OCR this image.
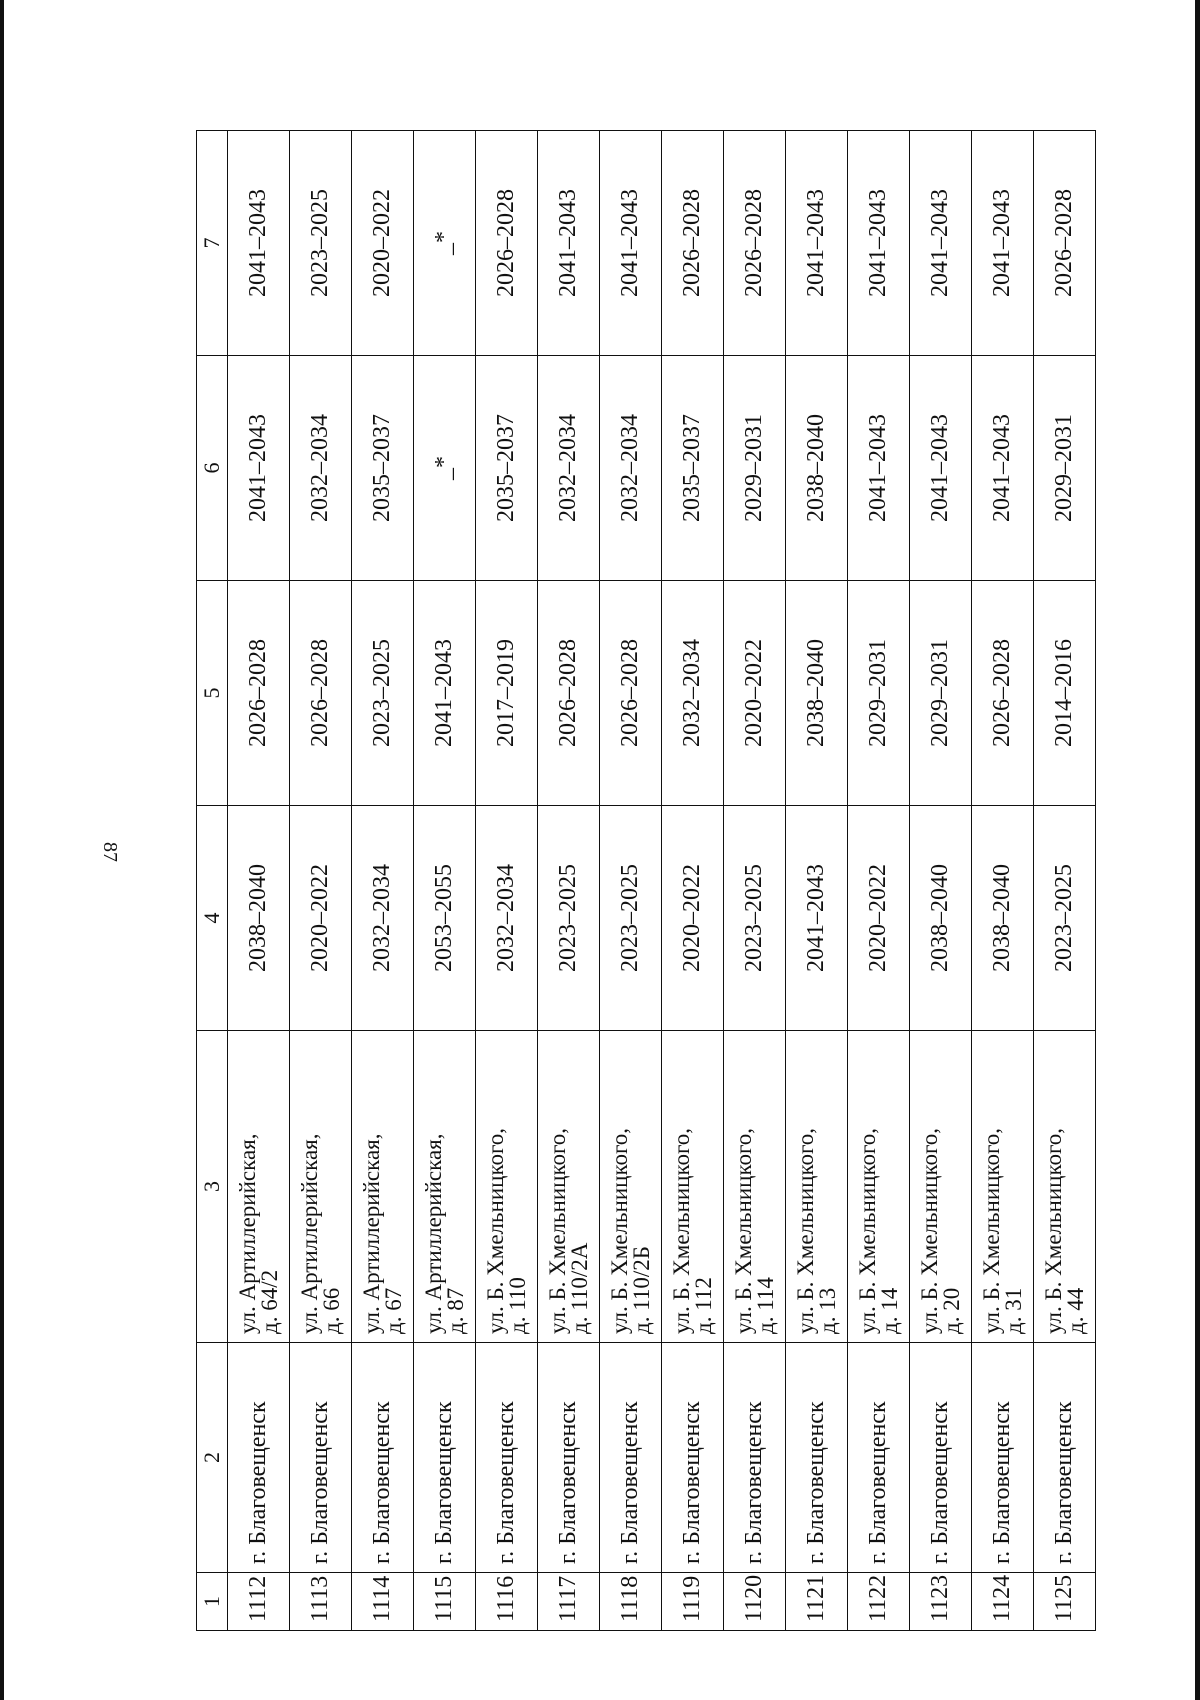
87
1	2	3	4	5	6	7
1112	г. Благовещенск	ул. Артиллерийская,
д. 64/2	2038–2040	2026–2028	2041–2043	2041–2043
1113	г. Благовещенск	ул. Артиллерийская,
д. 66	2020–2022	2026–2028	2032–2034	2023–2025
1114	г. Благовещенск	ул. Артиллерийская,
д. 67	2032–2034	2023–2025	2035–2037	2020–2022
1115	г. Благовещенск	ул. Артиллерийская,
д. 87	2053–2055	2041–2043	_*	_*
1116	г. Благовещенск	ул. Б. Хмельницкого,
д. 110	2032–2034	2017–2019	2035–2037	2026–2028
1117	г. Благовещенск	ул. Б. Хмельницкого,
д. 110/2А	2023–2025	2026–2028	2032–2034	2041–2043
1118	г. Благовещенск	ул. Б. Хмельницкого,
д. 110/2Б	2023–2025	2026–2028	2032–2034	2041–2043
1119	г. Благовещенск	ул. Б. Хмельницкого,
д. 112	2020–2022	2032–2034	2035–2037	2026–2028
1120	г. Благовещенск	ул. Б. Хмельницкого,
д. 114	2023–2025	2020–2022	2029–2031	2026–2028
1121	г. Благовещенск	ул. Б. Хмельницкого,
д. 13	2041–2043	2038–2040	2038–2040	2041–2043
1122	г. Благовещенск	ул. Б. Хмельницкого,
д. 14	2020–2022	2029–2031	2041–2043	2041–2043
1123	г. Благовещенск	ул. Б. Хмельницкого,
д. 20	2038–2040	2029–2031	2041–2043	2041–2043
1124	г. Благовещенск	ул. Б. Хмельницкого,
д. 31	2038–2040	2026–2028	2041–2043	2041–2043
1125	г. Благовещенск	ул. Б. Хмельницкого,
д. 44	2023–2025	2014–2016	2029–2031	2026–2028
